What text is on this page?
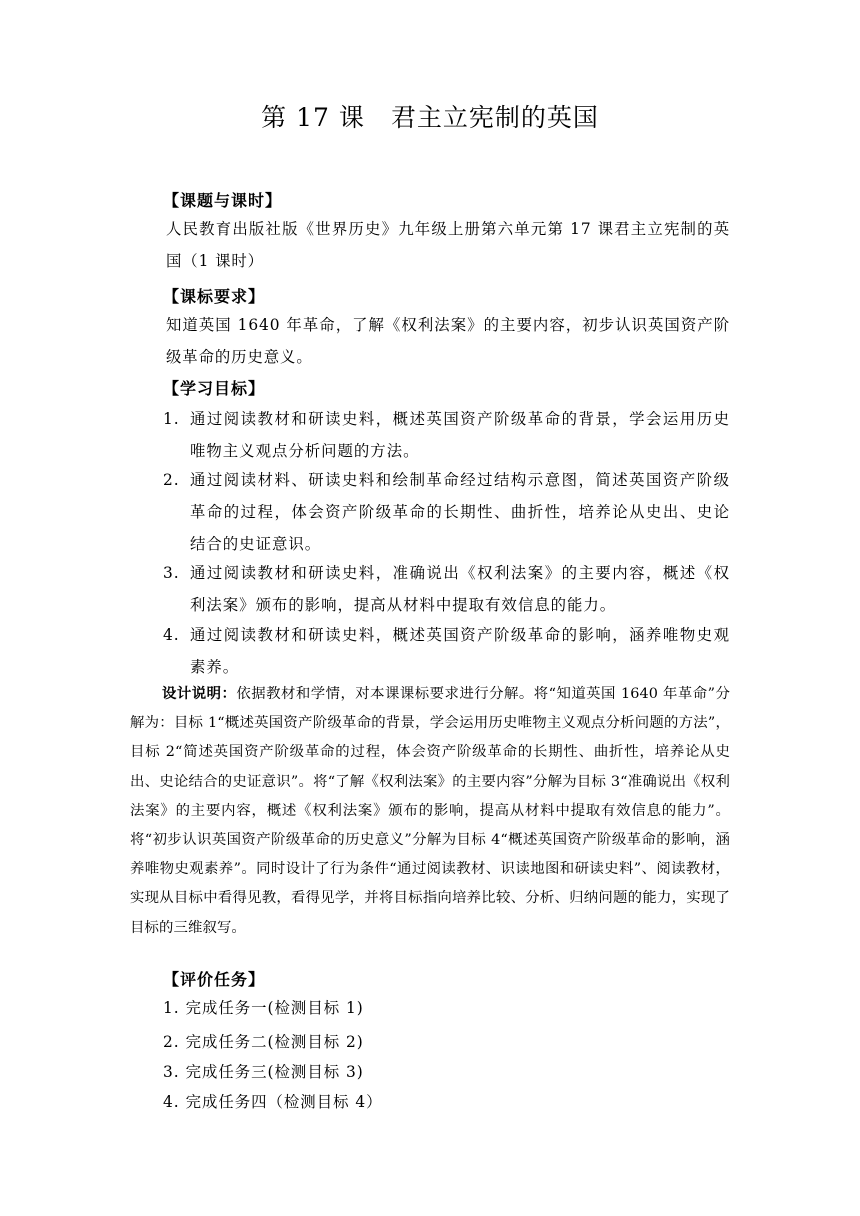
第 17 课　君主立宪制的英国
【课题与课时】
人民教育出版社版《世界历史》九年级上册第六单元第 17 课君主立宪制的英国（1 课时）
【课标要求】
知道英国 1640 年革命，了解《权利法案》的主要内容，初步认识英国资产阶级革命的历史意义。
【学习目标】
1. 通过阅读教材和研读史料，概述英国资产阶级革命的背景，学会运用历史唯物主义观点分析问题的方法。
2. 通过阅读材料、研读史料和绘制革命经过结构示意图，简述英国资产阶级革命的过程，体会资产阶级革命的长期性、曲折性，培养论从史出、史论结合的史证意识。
3. 通过阅读教材和研读史料，准确说出《权利法案》的主要内容，概述《权利法案》颁布的影响，提高从材料中提取有效信息的能力。
4. 通过阅读教材和研读史料，概述英国资产阶级革命的影响，涵养唯物史观素养。
设计说明：依据教材和学情，对本课课标要求进行分解。将“知道英国 1640 年革命”分解为：目标 1“概述英国资产阶级革命的背景，学会运用历史唯物主义观点分析问题的方法”，目标 2“简述英国资产阶级革命的过程，体会资产阶级革命的长期性、曲折性，培养论从史出、史论结合的史证意识”。将“了解《权利法案》的主要内容”分解为目标 3“准确说出《权利法案》的主要内容，概述《权利法案》颁布的影响，提高从材料中提取有效信息的能力”。将“初步认识英国资产阶级革命的历史意义”分解为目标 4“概述英国资产阶级革命的影响，涵养唯物史观素养”。同时设计了行为条件“通过阅读教材、识读地图和研读史料”、阅读教材，实现从目标中看得见教，看得见学，并将目标指向培养比较、分析、归纳问题的能力，实现了目标的三维叙写。
【评价任务】
1. 完成任务一(检测目标 1)
2. 完成任务二(检测目标 2)
3. 完成任务三(检测目标 3)
4. 完成任务四（检测目标 4）
